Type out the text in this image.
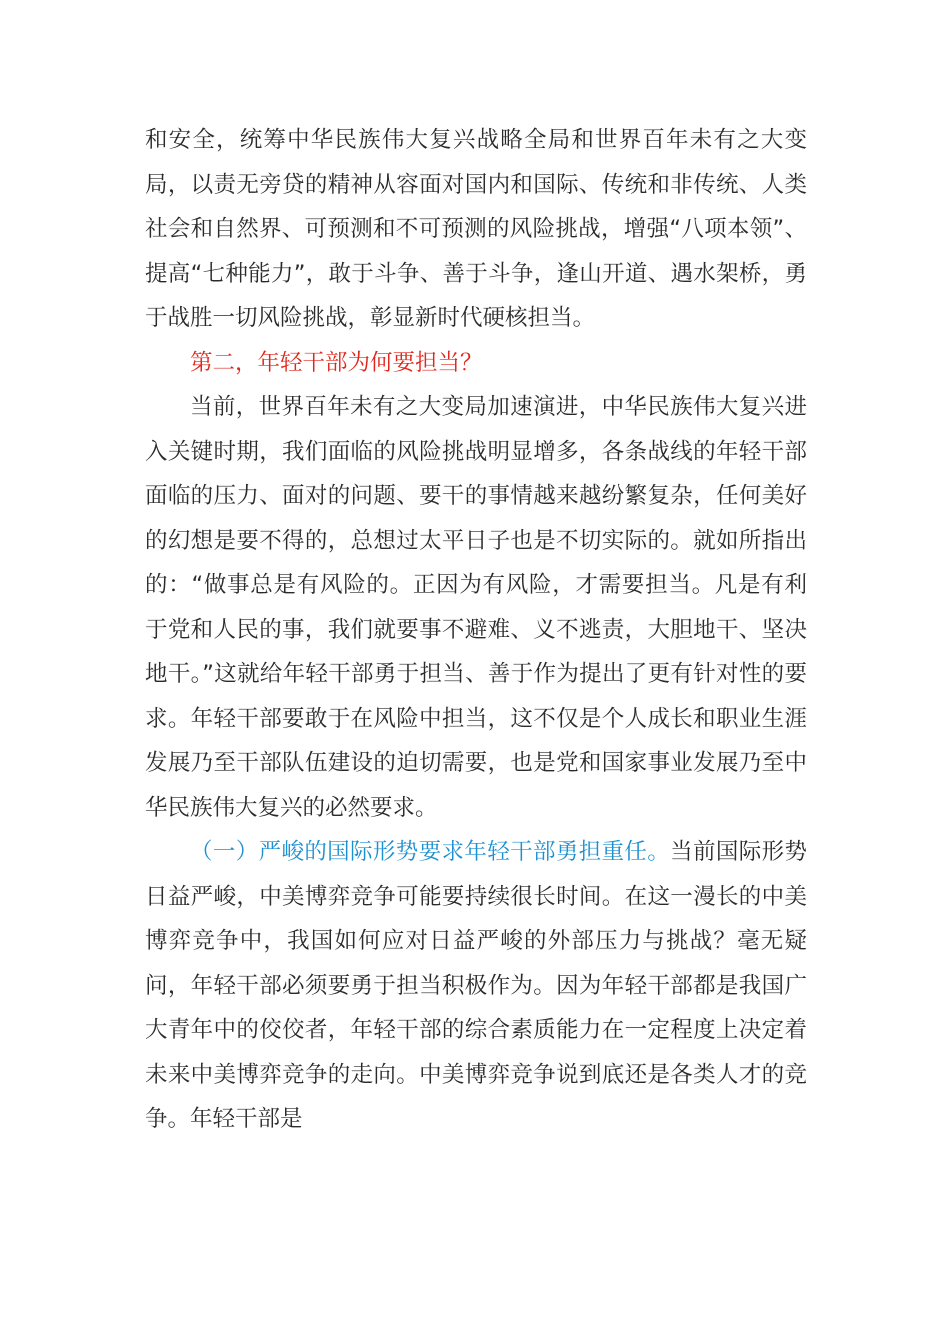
和安全，统筹中华民族伟大复兴战略全局和世界百年未有之大变局，以责无旁贷的精神从容面对国内和国际、传统和非传统、人类社会和自然界、可预测和不可预测的风险挑战，增强“八项本领”、提高“七种能力”，敢于斗争、善于斗争，逢山开道、遇水架桥，勇于战胜一切风险挑战，彰显新时代硬核担当。

第二，年轻干部为何要担当？

当前，世界百年未有之大变局加速演进，中华民族伟大复兴进入关键时期，我们面临的风险挑战明显增多，各条战线的年轻干部面临的压力、面对的问题、要干的事情越来越纷繁复杂，任何美好的幻想是要不得的，总想过太平日子也是不切实际的。就如所指出的：“做事总是有风险的。正因为有风险，才需要担当。凡是有利于党和人民的事，我们就要事不避难、义不逃责，大胆地干、坚决地干。”这就给年轻干部勇于担当、善于作为提出了更有针对性的要求。年轻干部要敢于在风险中担当，这不仅是个人成长和职业生涯发展乃至干部队伍建设的迫切需要，也是党和国家事业发展乃至中华民族伟大复兴的必然要求。

（一）严峻的国际形势要求年轻干部勇担重任。当前国际形势日益严峻，中美博弈竞争可能要持续很长时间。在这一漫长的中美博弈竞争中，我国如何应对日益严峻的外部压力与挑战？毫无疑问，年轻干部必须要勇于担当积极作为。因为年轻干部都是我国广大青年中的佼佼者，年轻干部的综合素质能力在一定程度上决定着未来中美博弈竞争的走向。中美博弈竞争说到底还是各类人才的竞争。年轻干部是
